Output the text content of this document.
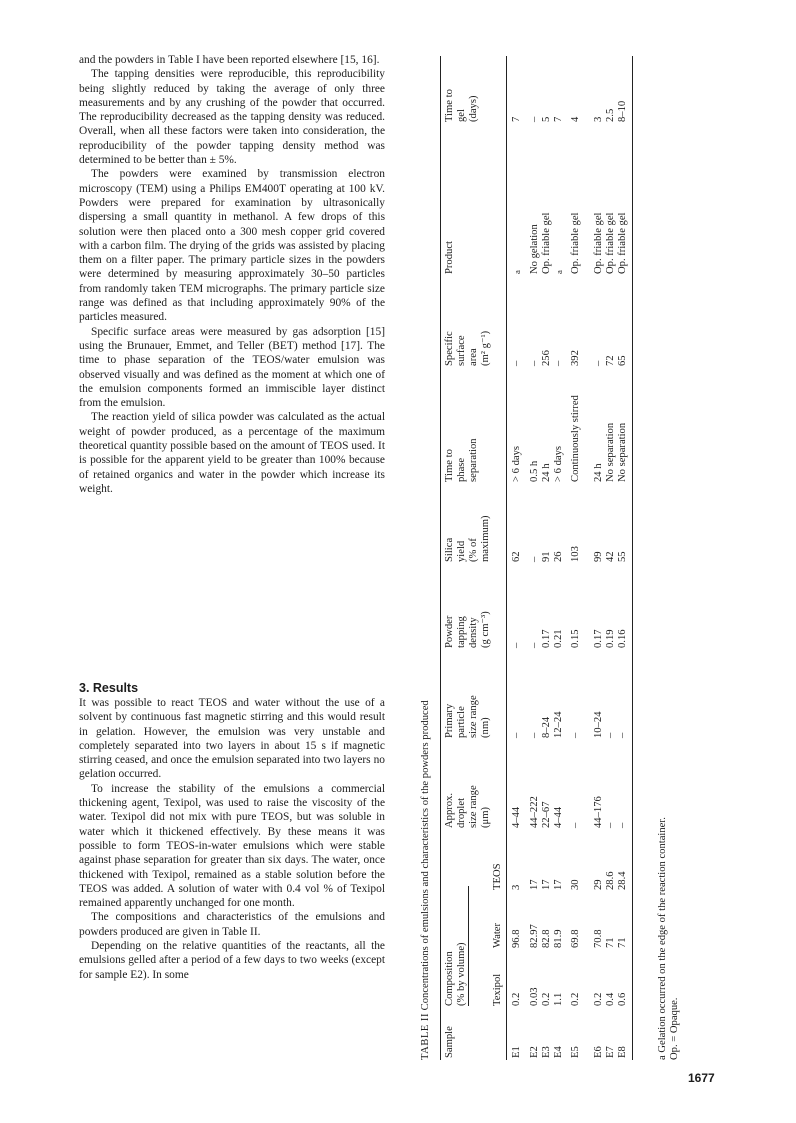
and the powders in Table I have been reported elsewhere [15, 16].

The tapping densities were reproducible, this reproducibility being slightly reduced by taking the average of only three measurements and by any crushing of the powder that occurred. The reproducibility decreased as the tapping density was reduced. Overall, when all these factors were taken into consideration, the reproducibility of the powder tapping density method was determined to be better than ± 5%.

The powders were examined by transmission electron microscopy (TEM) using a Philips EM400T operating at 100 kV. Powders were prepared for examination by ultrasonically dispersing a small quantity in methanol. A few drops of this solution were then placed onto a 300 mesh copper grid covered with a carbon film. The drying of the grids was assisted by placing them on a filter paper. The primary particle sizes in the powders were determined by measuring approximately 30–50 particles from randomly taken TEM micrographs. The primary particle size range was defined as that including approximately 90% of the particles measured.

Specific surface areas were measured by gas adsorption [15] using the Brunauer, Emmet, and Teller (BET) method [17]. The time to phase separation of the TEOS/water emulsion was observed visually and was defined as the moment at which one of the emulsion components formed an immiscible layer distinct from the emulsion.

The reaction yield of silica powder was calculated as the actual weight of powder produced, as a percentage of the maximum theoretical quantity possible based on the amount of TEOS used. It is possible for the apparent yield to be greater than 100% because of retained organics and water in the powder which increase its weight.

3. Results

It was possible to react TEOS and water without the use of a solvent by continuous fast magnetic stirring and this would result in gelation. However, the emulsion was very unstable and completely separated into two layers in about 15 s if magnetic stirring ceased, and once the emulsion separated into two layers no gelation occurred.

To increase the stability of the emulsions a commercial thickening agent, Texipol, was used to raise the viscosity of the water. Texipol did not mix with pure TEOS, but was soluble in water which it thickened effectively. By these means it was possible to form TEOS-in-water emulsions which were stable against phase separation for greater than six days. The water, once thickened with Texipol, remained as a stable solution before the TEOS was added. A solution of water with 0.4 vol % of Texipol remained apparently unchanged for one month.

The compositions and characteristics of the emulsions and powders produced are given in Table II.

Depending on the relative quantities of the reactants, all the emulsions gelled after a period of a few days to two weeks (except for sample E2). In some

TABLE II Concentrations of emulsions and characteristics of the powders produced
Sample	Composition
(% by volume)			Approx.
droplet
size range
(μm)	Primary
particle
size range
(nm)	Powder
tapping
density
(g cm⁻³)	Silica
yield
(% of
maximum)	Time to
phase
separation	Specific
surface
area
(m² g⁻¹)	Product	Time to
gel
(days)
	Texipol	Water	TEOS								
E1	0.2	96.8	3	4–44	–	–	62	> 6 days	–	$^a$	7
E2	0.03	82.97	17	44–222	–	–	–	0.5 h	–	No gelation	–
E3	0.2	82.8	17	22–67	8–24	0.17	91	24 h	256	Op. friable gel	5
E4	1.1	81.9	17	4–44	12–24	0.21	26	> 6 days	–	$^a$	7
E5	0.2	69.8	30	–	–	0.15	103	Continuously stirred	392	Op. friable gel	4

E6	0.2	70.8	29	44–176	10–24	0.17	99	24 h	–	Op. friable gel	3
E7	0.4	71	28.6	–	–	0.19	42	No separation	72	Op. friable gel	2.5
E8	0.6	71	28.4	–	–	0.16	55	No separation	65	Op. friable gel	8–10
a Gelation occurred on the edge of the reaction container. Op. = Opaque.
1677
